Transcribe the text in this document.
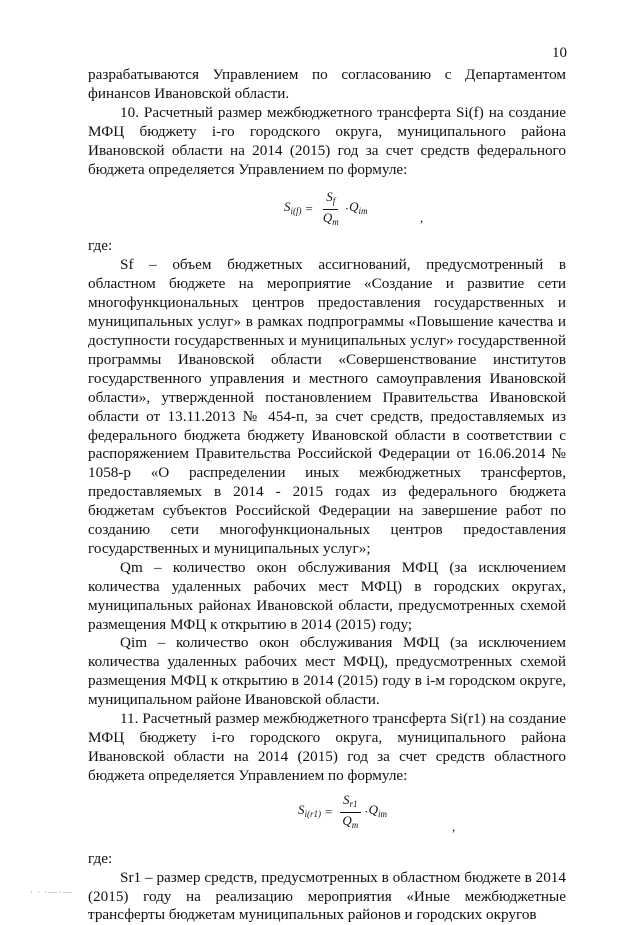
10

разрабатываются Управлением по согласованию с Департаментом финансов Ивановской области.

10. Расчетный размер межбюджетного трансферта Si(f) на создание МФЦ бюджету i-го городского округа, муниципального района Ивановской области на 2014 (2015) год за счет средств федерального бюджета определяется Управлением по формуле:

$S_{i(f)} = \frac{S_f}{Q_m} \cdot Q_{im}$	,

где:

Sf – объем бюджетных ассигнований, предусмотренный в областном бюджете на мероприятие «Создание и развитие сети многофункциональных центров предоставления государственных и муниципальных услуг» в рамках подпрограммы «Повышение качества и доступности государственных и муниципальных услуг» государственной программы Ивановской области «Совершенствование институтов государственного управления и местного самоуправления Ивановской области», утвержденной постановлением Правительства Ивановской области от 13.11.2013 № 454-п, за счет средств, предоставляемых из федерального бюджета бюджету Ивановской области в соответствии с распоряжением Правительства Российской Федерации от 16.06.2014 № 1058-р «О распределении иных межбюджетных трансфертов, предоставляемых в 2014 - 2015 годах из федерального бюджета бюджетам субъектов Российской Федерации на завершение работ по созданию сети многофункциональных центров предоставления государственных и муниципальных услуг»;

Qm – количество окон обслуживания МФЦ (за исключением количества удаленных рабочих мест МФЦ) в городских округах, муниципальных районах Ивановской области, предусмотренных схемой размещения МФЦ к открытию в 2014 (2015) году;

Qim – количество окон обслуживания МФЦ (за исключением количества удаленных рабочих мест МФЦ), предусмотренных схемой размещения МФЦ к открытию в 2014 (2015) году в i-м городском округе, муниципальном районе Ивановской области.

11. Расчетный размер межбюджетного трансферта Si(r1) на создание МФЦ бюджету i-го городского округа, муниципального района Ивановской области на 2014 (2015) год за счет средств областного бюджета определяется Управлением по формуле:

$S_{i(r1)} = \frac{S_{r1}}{Q_m} \cdot Q_{im}$
,

где:

Sr1 – размер средств, предусмотренных в областном бюджете в 2014 (2015) году на реализацию мероприятия «Иные межбюджетные трансферты бюджетам муниципальных районов и городских округов

· · ·—·—
